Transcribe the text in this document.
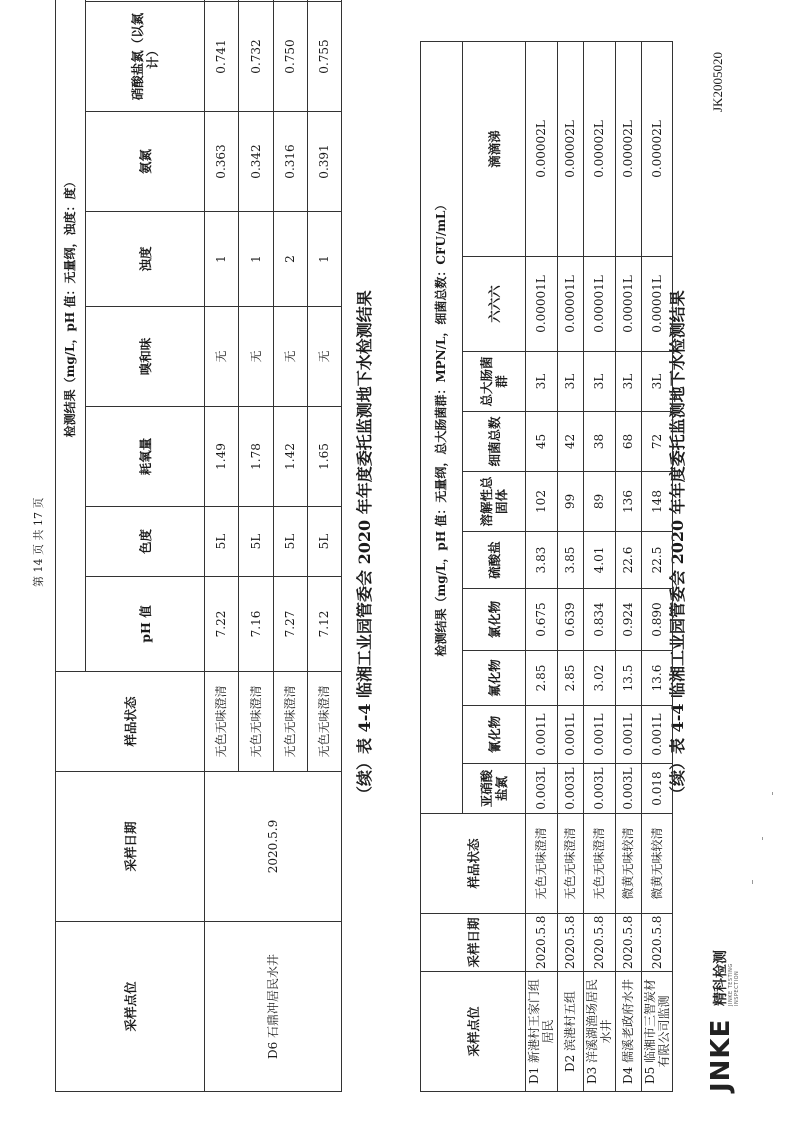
JNKE
精科检测 JINKE TESTING INSPECTION
JK2005020
（续）表 4-4 临湘工业园管委会 2020 年年度委托监测地下水检测结果
采样点位	采样日期	样品状态	检测结果（mg/L，pH 值：无量纲，总大肠菌群：MPN/L，细菌总数：CFU/mL）									
			亚硝酸盐氮	氰化物	氟化物	氯化物	硫酸盐	溶解性总固体	细菌总数	总大肠菌群	六六六	滴滴涕
D1 新港村王家门组居民	2020.5.8	无色无味澄清	0.003L	0.001L	2.85	0.675	3.83	102	45	3L	0.00001L	0.00002L
D2 滨港村五组	2020.5.8	无色无味澄清	0.003L	0.001L	2.85	0.639	3.85	99	42	3L	0.00001L	0.00002L
D3 洋溪湖渔场居民水井	2020.5.8	无色无味澄清	0.003L	0.001L	3.02	0.834	4.01	89	38	3L	0.00001L	0.00002L
D4 儒溪老政府水井	2020.5.8	微黄无味较清	0.003L	0.001L	13.5	0.924	22.6	136	68	3L	0.00001L	0.00002L
D5 临湘市三智炭材有限公司监测	2020.5.8	微黄无味较清	0.018	0.001L	13.6	0.890	22.5	148	72	3L	0.00001L	0.00002L
（续）表 4-4 临湘工业园管委会 2020 年年度委托监测地下水检测结果
采样点位	采样日期	样品状态	检测结果（mg/L，pH 值：无量纲，浊度：度）							
			pH 值	色度	耗氧量	嗅和味	浊度	氨氮	硝酸盐氮（以氮计）	
D6 石鼎冲居民水井	2020.5.9	无色无味澄清	7.22	5L	1.49	无	1	0.363	0.741	
		无色无味澄清	7.16	5L	1.78	无	1	0.342	0.732	
		无色无味澄清	7.27	5L	1.42	无	2	0.316	0.750	
		无色无味澄清	7.12	5L	1.65	无	1	0.391	0.755	
第 14 页 共 17 页
